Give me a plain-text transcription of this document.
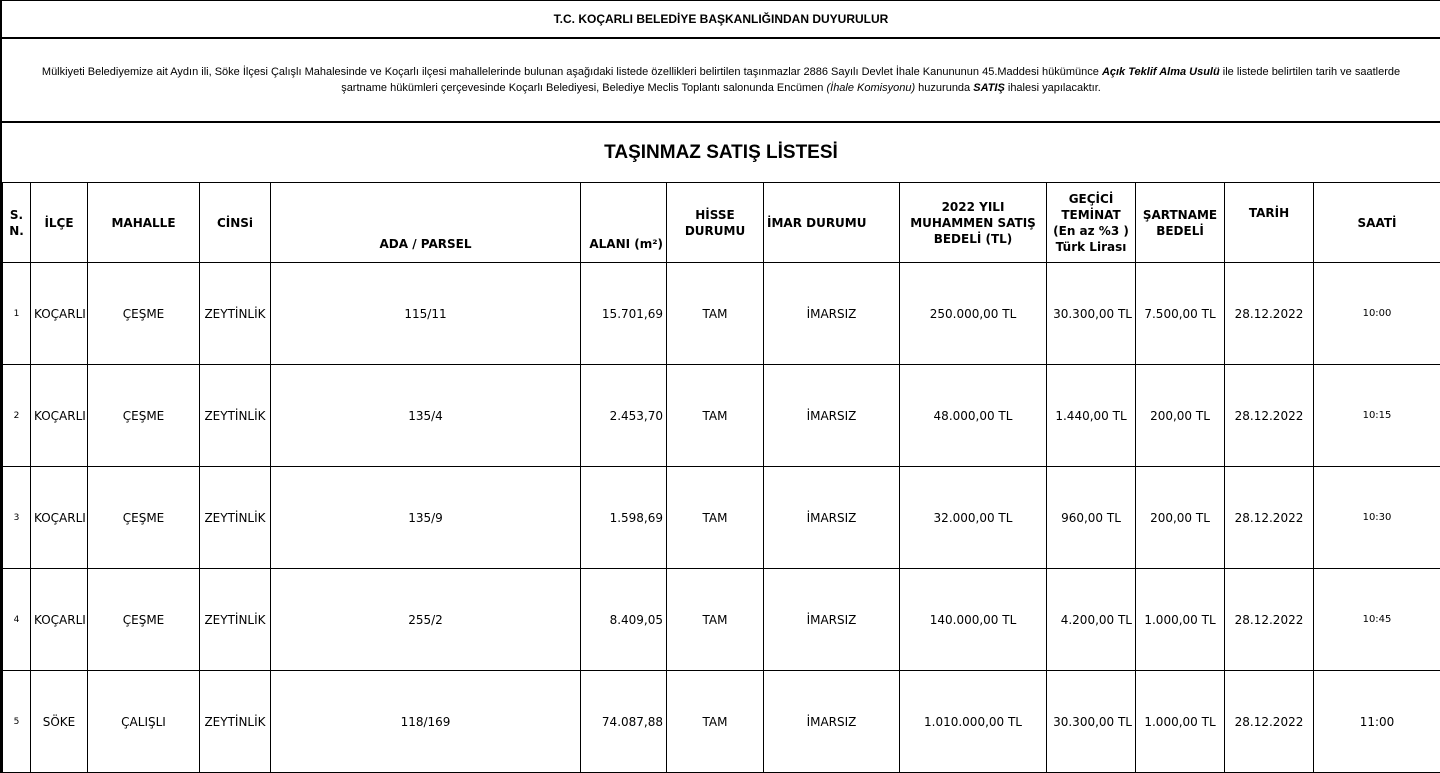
T.C. KOÇARLI BELEDİYE BAŞKANLIĞINDAN DUYURULUR
Mülkiyeti Belediyemize ait Aydın ili, Söke İlçesi Çalışlı Mahalesinde ve Koçarlı ilçesi mahallelerinde bulunan aşağıdaki listede özellikleri belirtilen taşınmazlar 2886 Sayılı Devlet İhale Kanununun 45.Maddesi hükümünce Açık Teklif Alma Usulü ile listede belirtilen tarih ve saatlerde şartname hükümleri çerçevesinde Koçarlı Belediyesi, Belediye Meclis Toplantı salonunda Encümen (İhale Komisyonu) huzurunda SATIŞ ihalesi yapılacaktır.
TAŞINMAZ SATIŞ LİSTESİ
S. N.	İLÇE	MAHALLE	CİNSi	ADA / PARSEL	ALANI (m²)	HİSSE DURUMU	İMAR DURUMU	2022 YILI MUHAMMEN SATIŞ BEDELİ (TL)	GEÇİCİ TEMİNAT (En az %3 ) Türk Lirası	ŞARTNAME BEDELİ	TARİH	SAATİ
1	KOÇARLI	ÇEŞME	ZEYTİNLİK	115/11	15.701,69	TAM	İMARSIZ	250.000,00 TL	30.300,00 TL	7.500,00 TL	28.12.2022	10:00
2	KOÇARLI	ÇEŞME	ZEYTİNLİK	135/4	2.453,70	TAM	İMARSIZ	48.000,00 TL	1.440,00 TL	200,00 TL	28.12.2022	10:15
3	KOÇARLI	ÇEŞME	ZEYTİNLİK	135/9	1.598,69	TAM	İMARSIZ	32.000,00 TL	960,00 TL	200,00 TL	28.12.2022	10:30
4	KOÇARLI	ÇEŞME	ZEYTİNLİK	255/2	8.409,05	TAM	İMARSIZ	140.000,00 TL	4.200,00 TL	1.000,00 TL	28.12.2022	10:45
5	SÖKE	ÇALIŞLI	ZEYTİNLİK	118/169	74.087,88	TAM	İMARSIZ	1.010.000,00 TL	30.300,00 TL	1.000,00 TL	28.12.2022	11:00
